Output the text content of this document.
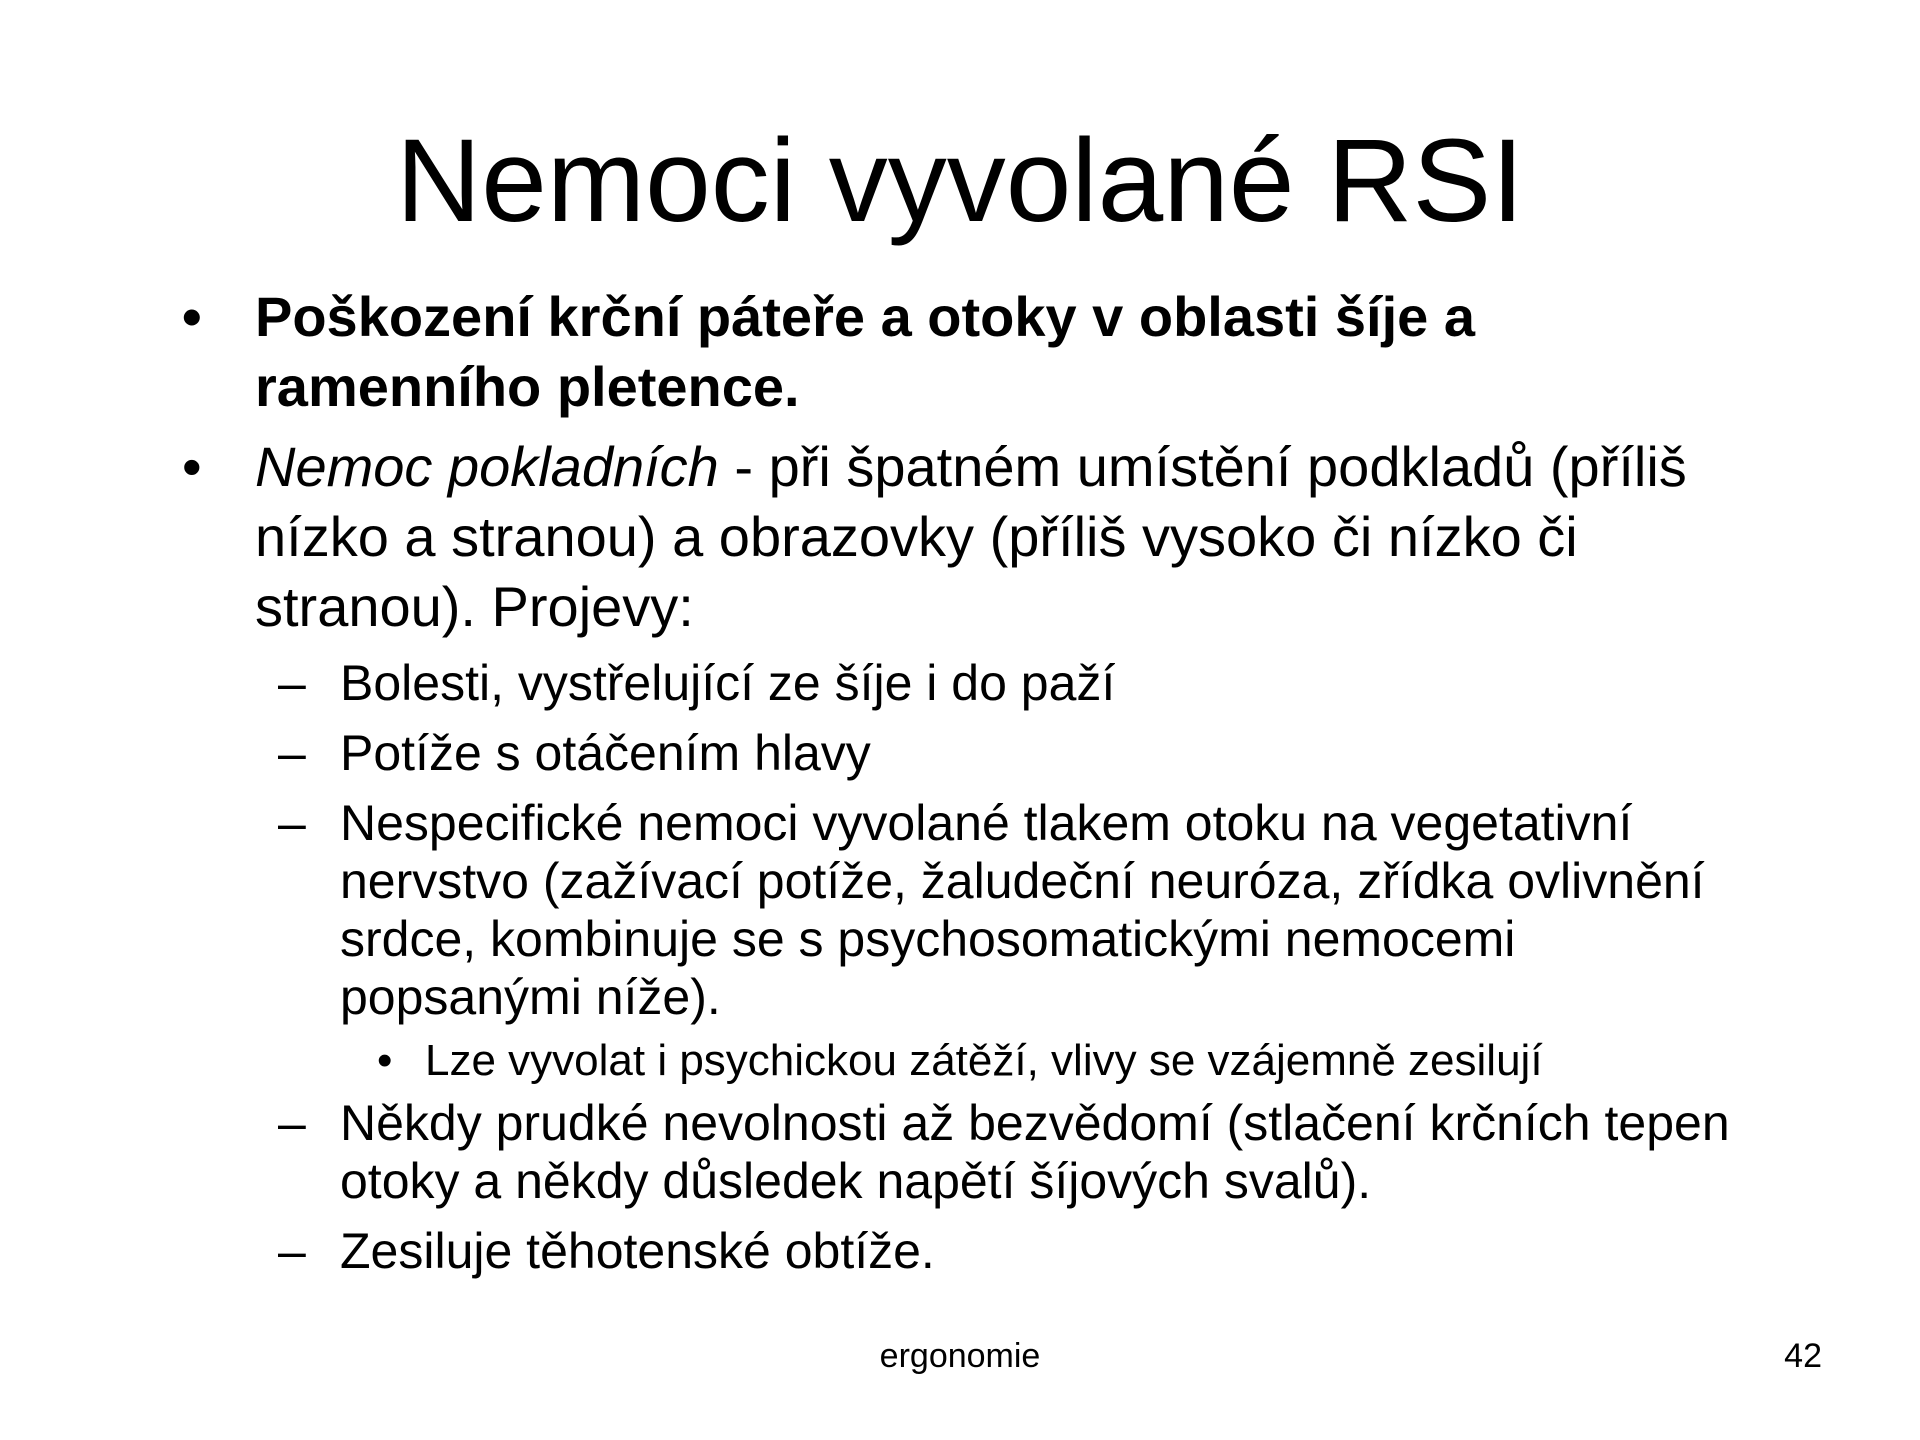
Nemoci vyvolané RSI
• Poškození krční páteře a otoky v oblasti šíje a ramenního pletence.
• Nemoc pokladních - při špatném umístění podkladů (příliš nízko a stranou) a obrazovky (příliš vysoko či nízko či stranou). Projevy:
– Bolesti, vystřelující ze šíje i do paží
– Potíže s otáčením hlavy
– Nespecifické nemoci vyvolané tlakem otoku na vegetativní nervstvo (zažívací potíže, žaludeční neuróza, zřídka ovlivnění srdce, kombinuje se s psychosomatickými nemocemi popsanými níže).
• Lze vyvolat i psychickou zátěží, vlivy se vzájemně zesilují
– Někdy prudké nevolnosti až bezvědomí (stlačení krčních tepen otoky a někdy důsledek napětí šíjových svalů).
– Zesiluje těhotenské obtíže.
ergonomie	42
